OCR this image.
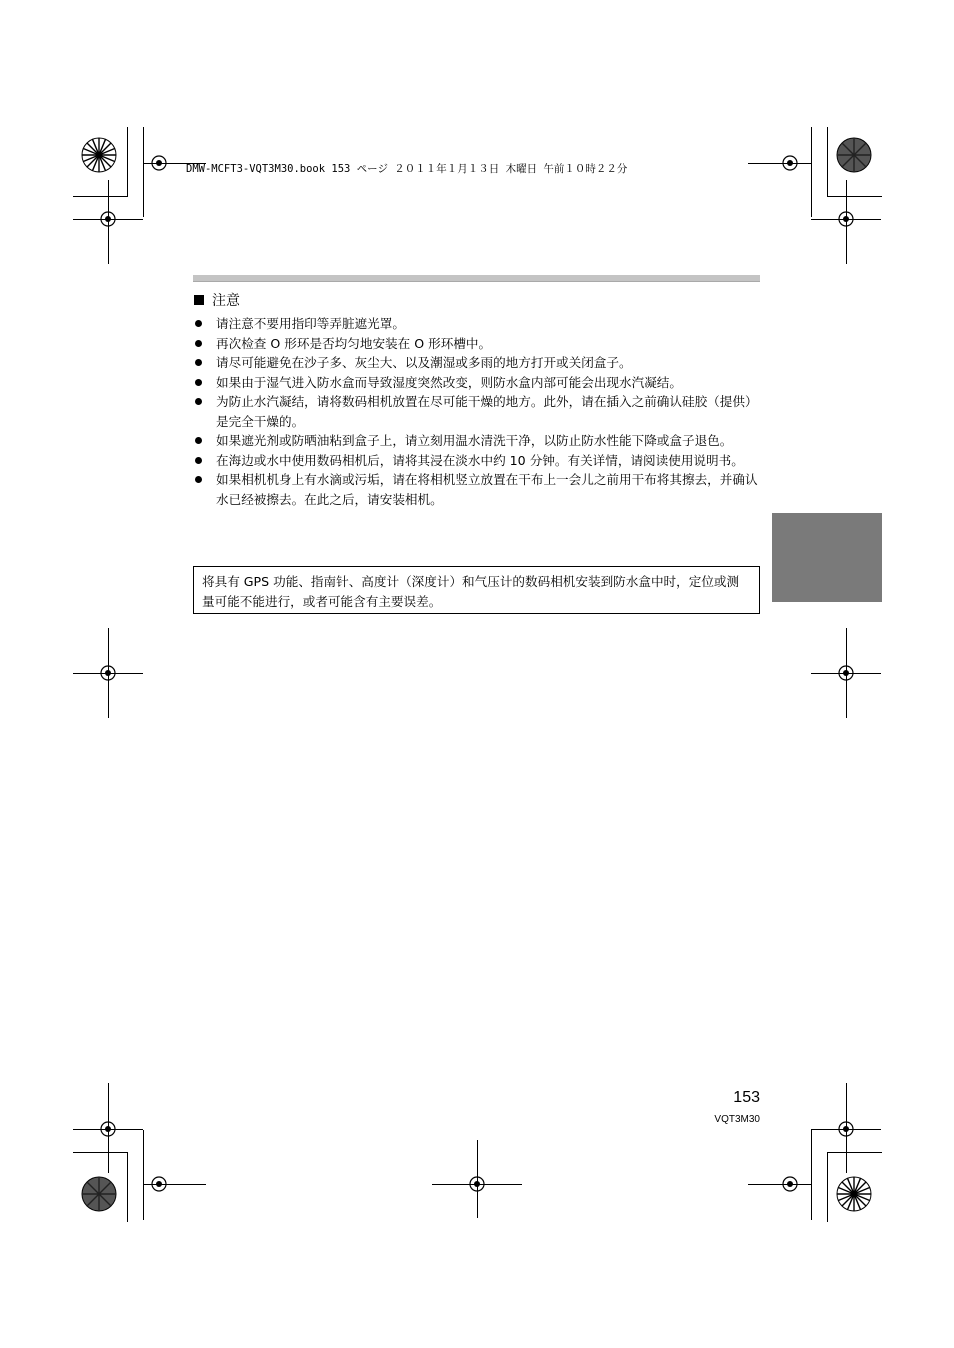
DMW-MCFT3-VQT3M30.book 153 ページ ２０１１年１月１３日 木曜日 午前１０時２２分
注意
请注意不要用指印等弄脏遮光罩。
再次检查 O 形环是否均匀地安装在 O 形环槽中。
请尽可能避免在沙子多、灰尘大、以及潮湿或多雨的地方打开或关闭盒子。
如果由于湿气进入防水盒而导致湿度突然改变，则防水盒内部可能会出现水汽凝结。
为防止水汽凝结，请将数码相机放置在尽可能干燥的地方。此外，请在插入之前确认硅胶（提供）是完全干燥的。
如果遮光剂或防晒油粘到盒子上，请立刻用温水清洗干净，以防止防水性能下降或盒子退色。
在海边或水中使用数码相机后，请将其浸在淡水中约 10 分钟。有关详情，请阅读使用说明书。
如果相机机身上有水滴或污垢，请在将相机竖立放置在干布上一会儿之前用干布将其擦去，并确认水已经被擦去。在此之后，请安装相机。
将具有 GPS 功能、指南针、高度计（深度计）和气压计的数码相机安装到防水盒中时，定位或测量可能不能进行，或者可能含有主要误差。
153
VQT3M30
